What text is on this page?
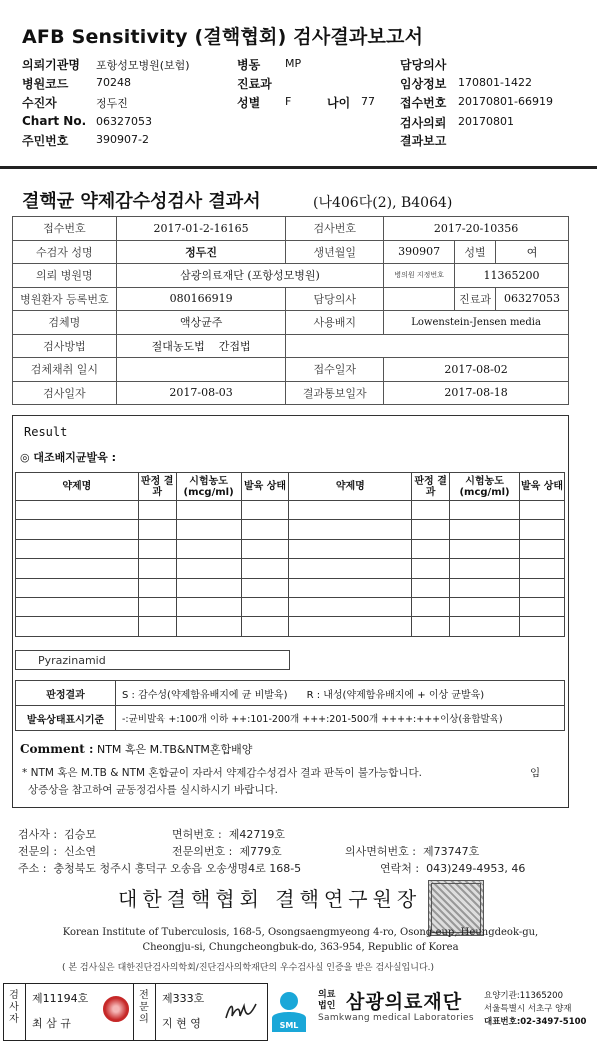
AFB Sensitivity (결핵협회) 검사결과보고서
의뢰기관명 포항성모병원(보험)
병원코드	70248
수진자	정두진
Chart No. 06327053
주민번호	390907-2
병동 MP
진료과
성별 F	나이 77
담당의사
임상정보 170801-1422
접수번호 20170801-66919
검사의뢰 20170801
결과보고
결핵균 약제감수성검사 결과서	(나406다(2), B4064)
접수번호	2017-01-2-16165	검사번호	2017-20-10356		
수검자 성명	정두진	생년월일	390907	성별	여
의뢰 병원명	삼광의료재단 (포항성모병원)		병의원 지정번호	11365200	
병원환자 등록번호	080166919	담당의사		진료과	06327053
검체명	액상균주	사용배지	Lowenstein-Jensen media		
검사방법	절대농도법 간접법				
검체채취 일시		접수일자	2017-08-02		
검사일자	2017-08-03	결과통보일자	2017-08-18		
Result
◎ 대조배지균발육 :
약제명	판정 결과	시험농도 (mcg/ml)	발육 상태	약제명	판정 결과	시험농도 (mcg/ml)	발육 상태

Pyrazinamid
판정결과	S : 감수성(약제함유배지에 균 비발육) R : 내성(약제함유배지에 + 이상 균발육)
발육상태표시기준	-:균비발육 +:100개 이하 ++:101-200개 +++:201-500개 ++++:+++이상(융합발육)
Comment : NTM 혹은 M.TB&NTM혼합배양
* NTM 혹은 M.TB & NTM 혼합균이 자라서 약제감수성검사 결과 판독이 불가능합니다.
상증상을 참고하여 균동정검사를 실시하시기 바랍니다.
임
검사자 : 김승모	면허번호 : 제42719호
전문의 : 신소연	전문의번호 : 제779호	의사면허번호 : 제73747호
주소 : 충청북도 청주시 흥덕구 오송읍 오송생명4로 168-5	연락처 : 043)249-4953, 46
대한결핵협회 결핵연구원장
Korean Institute of Tuberculosis, 168-5, Osongsaengmyeong 4-ro, Osong-eup, Heungdeok-gu,
Cheongju-si, Chungcheongbuk-do, 363-954, Republic of Korea
( 본 검사실은 대한진단검사의학회/진단검사의학재단의 우수검사실 인증을 받은 검사실입니다.)
검사자
제11194호
최 삼 규
전문의
제333호
지 현 영	SML
의료 법인 삼광의료재단
Samkwang medical Laboratories
요양기관:11365200
서울특별시 서초구 양재
대표번호:02-3497-5100
